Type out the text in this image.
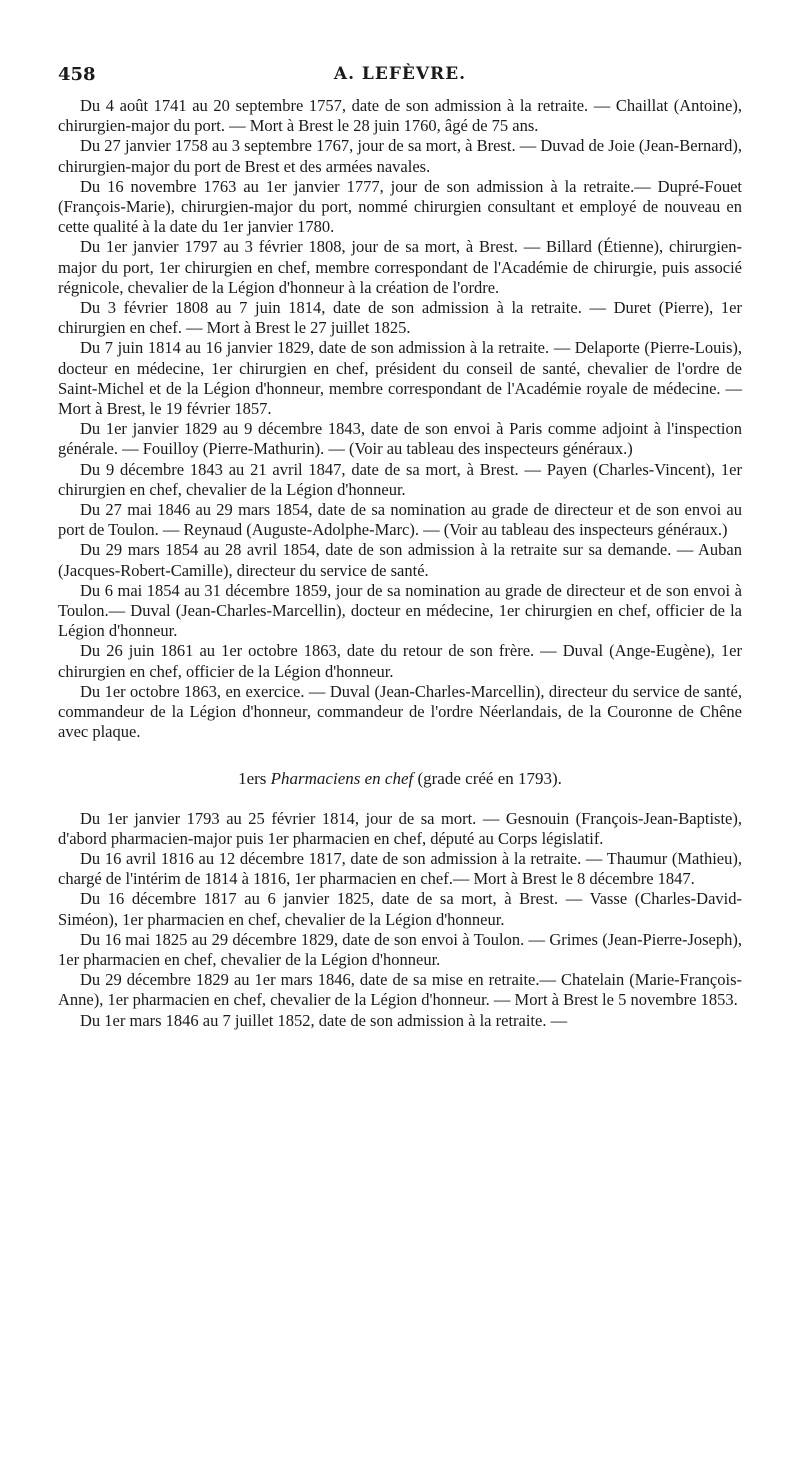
458	A. LEFÈVRE.

Du 4 août 1741 au 20 septembre 1757, date de son admission à la retraite. — Chaillat (Antoine), chirurgien-major du port. — Mort à Brest le 28 juin 1760, âgé de 75 ans.

Du 27 janvier 1758 au 3 septembre 1767, jour de sa mort, à Brest. — Duvad de Joie (Jean-Bernard), chirurgien-major du port de Brest et des armées navales.

Du 16 novembre 1763 au 1er janvier 1777, jour de son admission à la retraite.— Dupré-Fouet (François-Marie), chirurgien-major du port, nommé chirurgien consultant et employé de nouveau en cette qualité à la date du 1er janvier 1780.

Du 1er janvier 1797 au 3 février 1808, jour de sa mort, à Brest. — Billard (Étienne), chirurgien-major du port, 1er chirurgien en chef, membre correspondant de l'Académie de chirurgie, puis associé régnicole, chevalier de la Légion d'honneur à la création de l'ordre.

Du 3 février 1808 au 7 juin 1814, date de son admission à la retraite. — Duret (Pierre), 1er chirurgien en chef. — Mort à Brest le 27 juillet 1825.

Du 7 juin 1814 au 16 janvier 1829, date de son admission à la retraite. — Delaporte (Pierre-Louis), docteur en médecine, 1er chirurgien en chef, président du conseil de santé, chevalier de l'ordre de Saint-Michel et de la Légion d'honneur, membre correspondant de l'Académie royale de médecine. — Mort à Brest, le 19 février 1857.

Du 1er janvier 1829 au 9 décembre 1843, date de son envoi à Paris comme adjoint à l'inspection générale. — Fouilloy (Pierre-Mathurin). — (Voir au tableau des inspecteurs généraux.)

Du 9 décembre 1843 au 21 avril 1847, date de sa mort, à Brest. — Payen (Charles-Vincent), 1er chirurgien en chef, chevalier de la Légion d'honneur.

Du 27 mai 1846 au 29 mars 1854, date de sa nomination au grade de directeur et de son envoi au port de Toulon. — Reynaud (Auguste-Adolphe-Marc). — (Voir au tableau des inspecteurs généraux.)

Du 29 mars 1854 au 28 avril 1854, date de son admission à la retraite sur sa demande. — Auban (Jacques-Robert-Camille), directeur du service de santé.

Du 6 mai 1854 au 31 décembre 1859, jour de sa nomination au grade de directeur et de son envoi à Toulon.— Duval (Jean-Charles-Marcellin), docteur en médecine, 1er chirurgien en chef, officier de la Légion d'honneur.

Du 26 juin 1861 au 1er octobre 1863, date du retour de son frère. — Duval (Ange-Eugène), 1er chirurgien en chef, officier de la Légion d'honneur.

Du 1er octobre 1863, en exercice. — Duval (Jean-Charles-Marcellin), directeur du service de santé, commandeur de la Légion d'honneur, commandeur de l'ordre Néerlandais, de la Couronne de Chêne avec plaque.

1ers Pharmaciens en chef (grade créé en 1793).

Du 1er janvier 1793 au 25 février 1814, jour de sa mort. — Gesnouin (François-Jean-Baptiste), d'abord pharmacien-major puis 1er pharmacien en chef, député au Corps législatif.

Du 16 avril 1816 au 12 décembre 1817, date de son admission à la retraite. — Thaumur (Mathieu), chargé de l'intérim de 1814 à 1816, 1er pharmacien en chef.— Mort à Brest le 8 décembre 1847.

Du 16 décembre 1817 au 6 janvier 1825, date de sa mort, à Brest. — Vasse (Charles-David-Siméon), 1er pharmacien en chef, chevalier de la Légion d'honneur.

Du 16 mai 1825 au 29 décembre 1829, date de son envoi à Toulon. — Grimes (Jean-Pierre-Joseph), 1er pharmacien en chef, chevalier de la Légion d'honneur.

Du 29 décembre 1829 au 1er mars 1846, date de sa mise en retraite.— Chatelain (Marie-François-Anne), 1er pharmacien en chef, chevalier de la Légion d'honneur. — Mort à Brest le 5 novembre 1853.

Du 1er mars 1846 au 7 juillet 1852, date de son admission à la retraite. —
